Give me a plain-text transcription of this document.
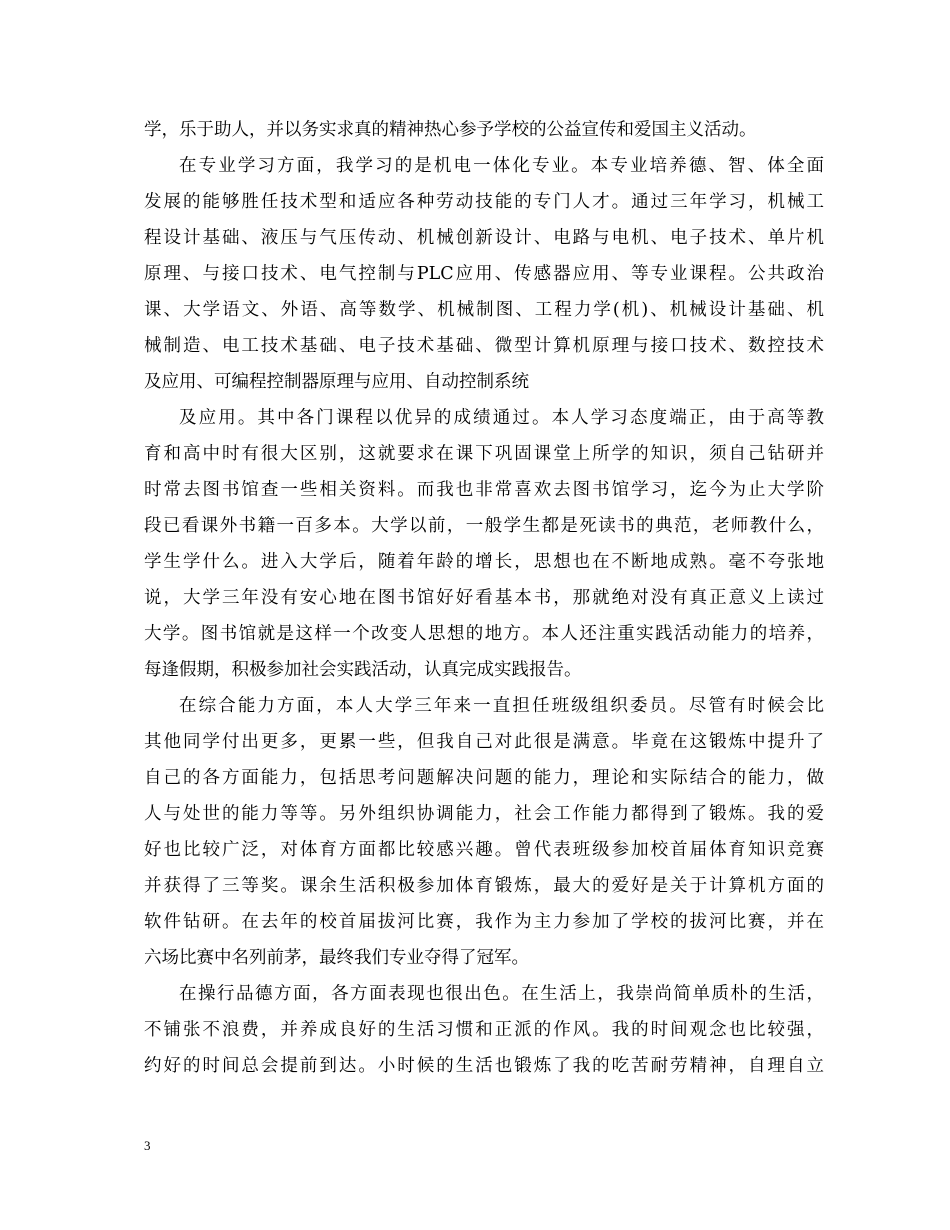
学，乐于助人，并以务实求真的精神热心参予学校的公益宣传和爱国主义活动。
在专业学习方面，我学习的是机电一体化专业。本专业培养德、智、体全面
发展的能够胜任技术型和适应各种劳动技能的专门人才。通过三年学习，机械工
程设计基础、液压与气压传动、机械创新设计、电路与电机、电子技术、单片机
原理、与接口技术、电气控制与PLC应用、传感器应用、等专业课程。公共政治
课、大学语文、外语、高等数学、机械制图、工程力学(机)、机械设计基础、机
械制造、电工技术基础、电子技术基础、微型计算机原理与接口技术、数控技术
及应用、可编程控制器原理与应用、自动控制系统
及应用。其中各门课程以优异的成绩通过。本人学习态度端正，由于高等教
育和高中时有很大区别，这就要求在课下巩固课堂上所学的知识，须自己钻研并
时常去图书馆查一些相关资料。而我也非常喜欢去图书馆学习，迄今为止大学阶
段已看课外书籍一百多本。大学以前，一般学生都是死读书的典范，老师教什么，
学生学什么。进入大学后，随着年龄的增长，思想也在不断地成熟。毫不夸张地
说，大学三年没有安心地在图书馆好好看基本书，那就绝对没有真正意义上读过
大学。图书馆就是这样一个改变人思想的地方。本人还注重实践活动能力的培养，
每逢假期，积极参加社会实践活动，认真完成实践报告。
在综合能力方面，本人大学三年来一直担任班级组织委员。尽管有时候会比
其他同学付出更多，更累一些，但我自己对此很是满意。毕竟在这锻炼中提升了
自己的各方面能力，包括思考问题解决问题的能力，理论和实际结合的能力，做
人与处世的能力等等。另外组织协调能力，社会工作能力都得到了锻炼。我的爱
好也比较广泛，对体育方面都比较感兴趣。曾代表班级参加校首届体育知识竞赛
并获得了三等奖。课余生活积极参加体育锻炼，最大的爱好是关于计算机方面的
软件钻研。在去年的校首届拔河比赛，我作为主力参加了学校的拔河比赛，并在
六场比赛中名列前茅，最终我们专业夺得了冠军。
在操行品德方面，各方面表现也很出色。在生活上，我崇尚简单质朴的生活，
不铺张不浪费，并养成良好的生活习惯和正派的作风。我的时间观念也比较强，
约好的时间总会提前到达。小时候的生活也锻炼了我的吃苦耐劳精神，自理自立
3
